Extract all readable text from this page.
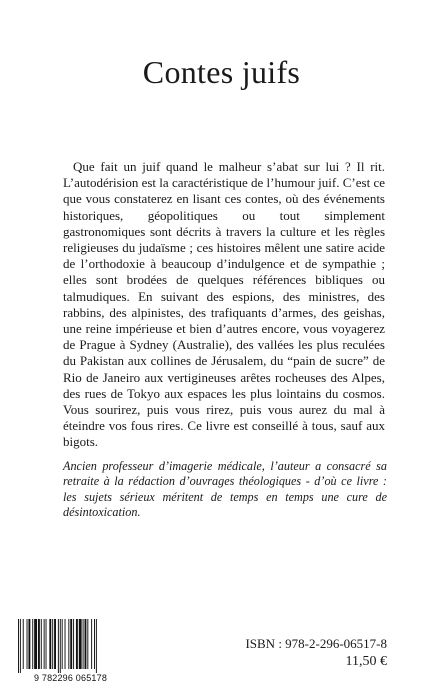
Contes juifs

Que fait un juif quand le malheur s’abat sur lui ? Il rit. L’autodérision est la caractéristique de l’humour juif. C’est ce que vous constaterez en lisant ces contes, où des événements historiques, géopolitiques ou tout simplement gastronomiques sont décrits à travers la culture et les règles religieuses du judaïsme ; ces histoires mêlent une satire acide de l’orthodoxie à beaucoup d’indulgence et de sympathie ; elles sont brodées de quelques références bibliques ou talmudiques. En suivant des espions, des ministres, des rabbins, des alpinistes, des trafiquants d’armes, des geishas, une reine impérieuse et bien d’autres encore, vous voyagerez de Prague à Sydney (Australie), des vallées les plus reculées du Pakistan aux collines de Jérusalem, du “pain de sucre” de Rio de Janeiro aux vertigineuses arêtes rocheuses des Alpes, des rues de Tokyo aux espaces les plus lointains du cosmos. Vous sourirez, puis vous rirez, puis vous aurez du mal à éteindre vos fous rires. Ce livre est conseillé à tous, sauf aux bigots.

Ancien professeur d’imagerie médicale, l’auteur a consacré sa retraite à la rédaction d’ouvrages théologiques - d’où ce livre : les sujets sérieux méritent de temps en temps une cure de désintoxication.

9 782296 065178

ISBN : 978-2-296-06517-8

11,50 €
